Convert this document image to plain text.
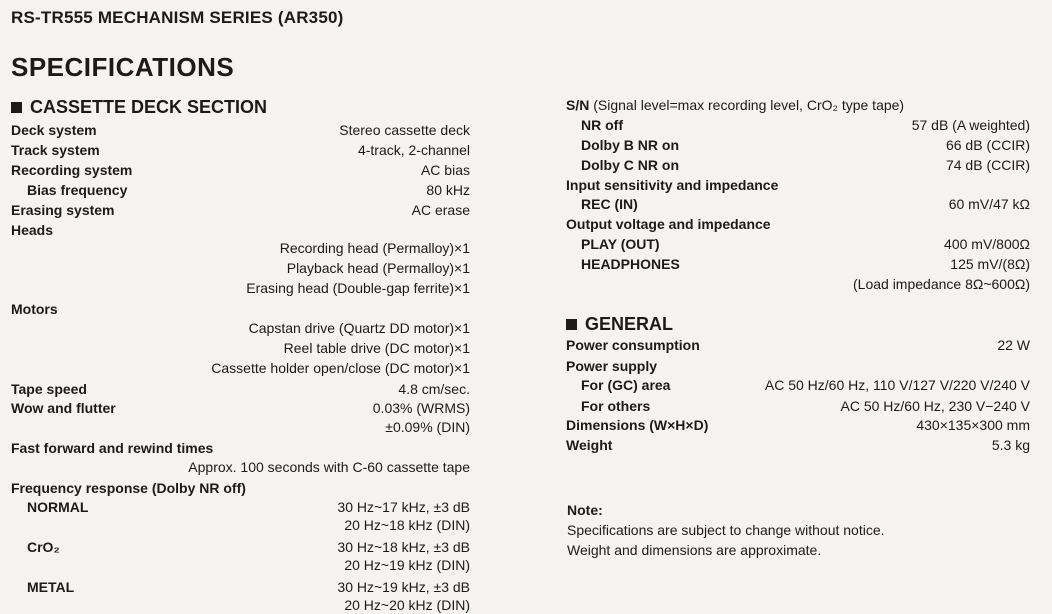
RS-TR555 MECHANISM SERIES (AR350)
SPECIFICATIONS
CASSETTE DECK SECTION
Deck system	Stereo cassette deck
Track system	4-track, 2-channel
Recording system	AC bias
Bias frequency	80 kHz
Erasing system	AC erase
Heads
Recording head (Permalloy)×1
Playback head (Permalloy)×1
Erasing head (Double-gap ferrite)×1
Motors
Capstan drive (Quartz DD motor)×1
Reel table drive (DC motor)×1
Cassette holder open/close (DC motor)×1
Tape speed	4.8 cm/sec.
Wow and flutter	0.03% (WRMS)
±0.09% (DIN)
Fast forward and rewind times
Approx. 100 seconds with C-60 cassette tape
Frequency response (Dolby NR off)
NORMAL	30 Hz~17 kHz, ±3 dB
20 Hz~18 kHz (DIN)
CrO₂	30 Hz~18 kHz, ±3 dB
20 Hz~19 kHz (DIN)
METAL	30 Hz~19 kHz, ±3 dB
20 Hz~20 kHz (DIN)
S/N (Signal level=max recording level, CrO₂ type tape)
NR off	57 dB (A weighted)
Dolby B NR on	66 dB (CCIR)
Dolby C NR on	74 dB (CCIR)
Input sensitivity and impedance
REC (IN)	60 mV/47 kΩ
Output voltage and impedance
PLAY (OUT)	400 mV/800Ω
HEADPHONES	125 mV/(8Ω)
(Load impedance 8Ω~600Ω)
GENERAL
Power consumption	22 W
Power supply
For (GC) area	AC 50 Hz/60 Hz, 110 V/127 V/220 V/240 V
For others	AC 50 Hz/60 Hz, 230 V−240 V
Dimensions (W×H×D)	430×135×300 mm
Weight	5.3 kg
Note:
Specifications are subject to change without notice.
Weight and dimensions are approximate.
